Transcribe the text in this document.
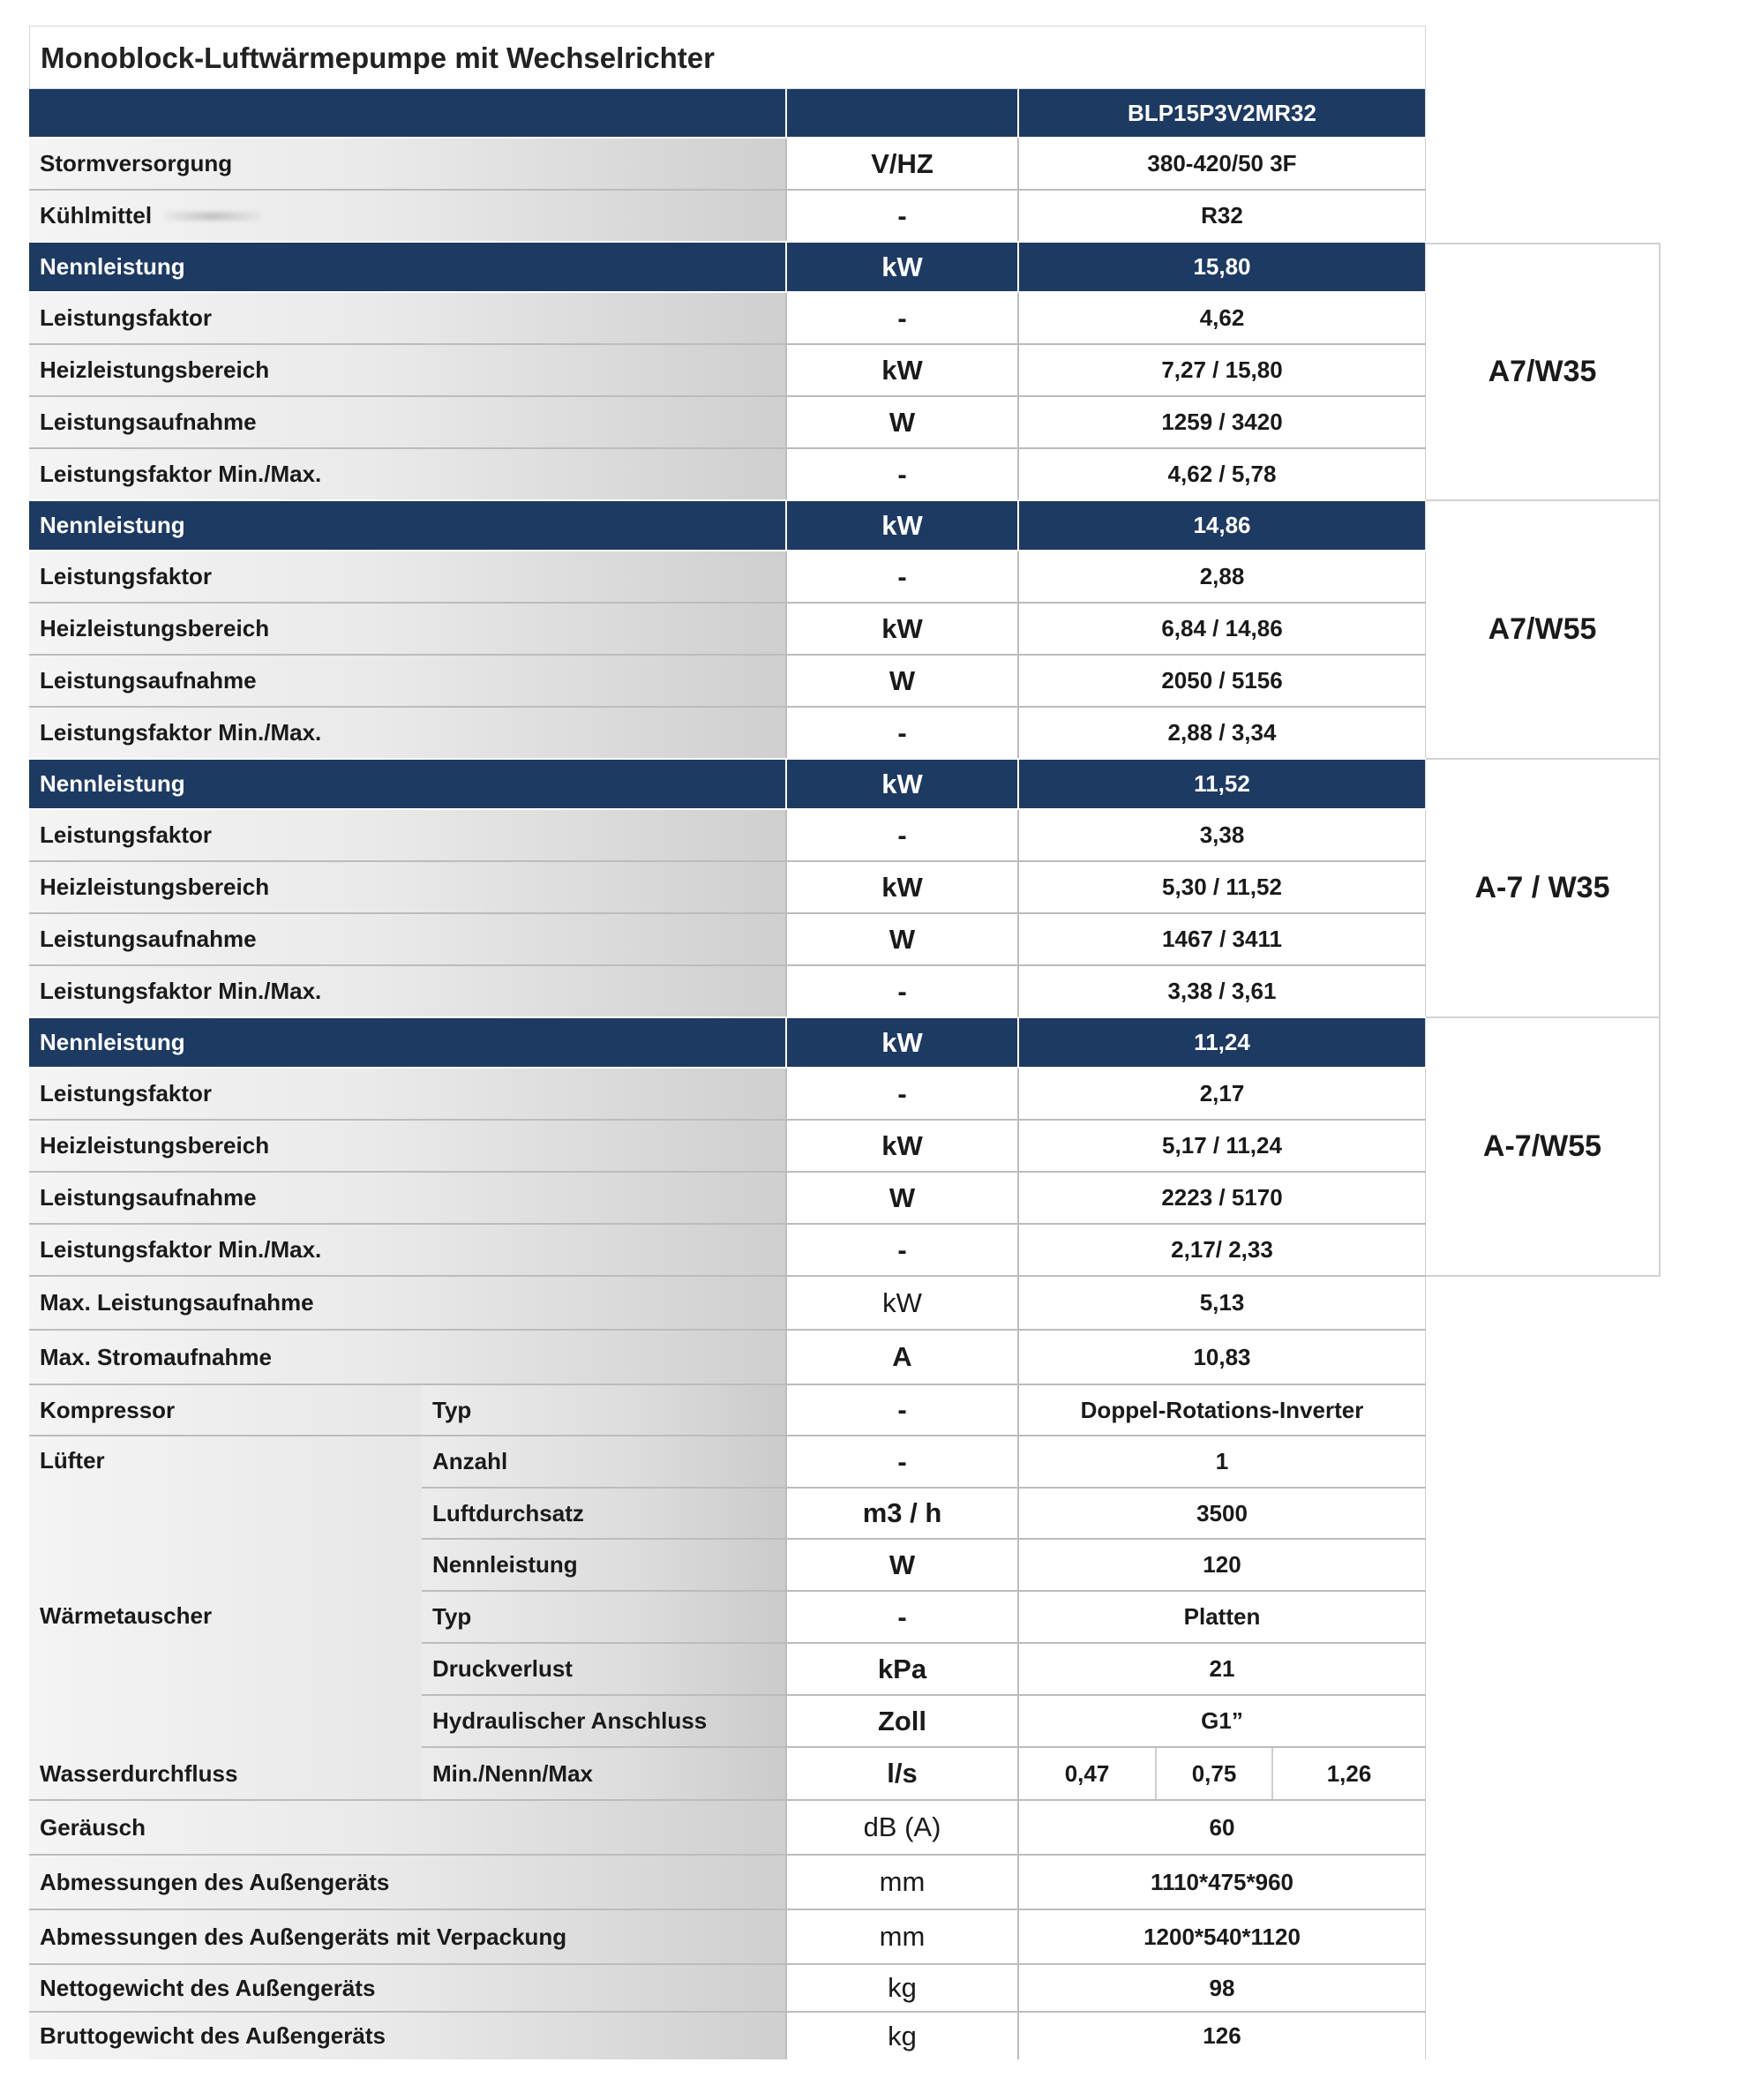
Monoblock-Luftwärmepumpe mit Wechselrichter
BLP15P3V2MR32
Stormversorgung	V/HZ	380-420/50 3F
Kühlmittel	-	R32
Nennleistung	kW	15,80
Leistungsfaktor	-	4,62
Heizleistungsbereich	kW	7,27 / 15,80
Leistungsaufnahme	W	1259 / 3420
Leistungsfaktor Min./Max.	-	4,62 / 5,78
A7/W35
Nennleistung	kW	14,86
Leistungsfaktor	-	2,88
Heizleistungsbereich	kW	6,84 / 14,86
Leistungsaufnahme	W	2050 / 5156
Leistungsfaktor Min./Max.	-	2,88 / 3,34
A7/W55
Nennleistung	kW	11,52
Leistungsfaktor	-	3,38
Heizleistungsbereich	kW	5,30 / 11,52
Leistungsaufnahme	W	1467 / 3411
Leistungsfaktor Min./Max.	-	3,38 / 3,61
A-7 / W35
Nennleistung	kW	11,24
Leistungsfaktor	-	2,17
Heizleistungsbereich	kW	5,17 / 11,24
Leistungsaufnahme	W	2223 / 5170
Leistungsfaktor Min./Max.	-	2,17/ 2,33
A-7/W55
Max. Leistungsaufnahme	kW	5,13
Max. Stromaufnahme	A	10,83
Kompressor	Typ	-	Doppel-Rotations-Inverter
Lüfter	Anzahl	-	1
Luftdurchsatz	m3 / h	3500
Nennleistung	W	120
Wärmetauscher	Typ	-	Platten
Druckverlust	kPa	21
Hydraulischer Anschluss	Zoll	G1”
Wasserdurchfluss	Min./Nenn/Max	l/s	0,47	0,75	1,26
Geräusch	dB (A)	60
Abmessungen des Außengeräts	mm	1110*475*960
Abmessungen des Außengeräts mit Verpackung	mm	1200*540*1120
Nettogewicht des Außengeräts	kg	98
Bruttogewicht des Außengeräts	kg	126
